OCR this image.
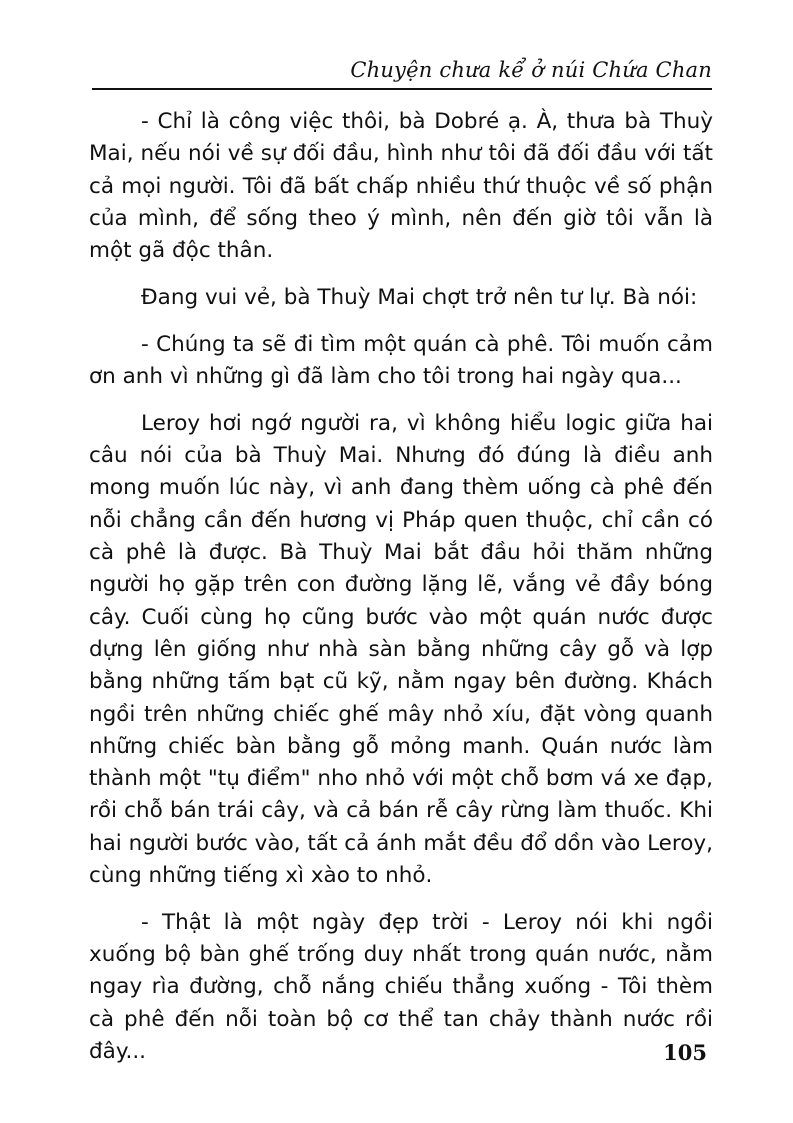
Chuyện chưa kể ở núi Chứa Chan

- Chỉ là công việc thôi, bà Dobré ạ. À, thưa bà Thuỳ Mai, nếu nói về sự đối đầu, hình như tôi đã đối đầu với tất cả mọi người. Tôi đã bất chấp nhiều thứ thuộc về số phận của mình, để sống theo ý mình, nên đến giờ tôi vẫn là một gã độc thân.

Đang vui vẻ, bà Thuỳ Mai chợt trở nên tư lự. Bà nói:

- Chúng ta sẽ đi tìm một quán cà phê. Tôi muốn cảm ơn anh vì những gì đã làm cho tôi trong hai ngày qua...

Leroy hơi ngớ người ra, vì không hiểu logic giữa hai câu nói của bà Thuỳ Mai. Nhưng đó đúng là điều anh mong muốn lúc này, vì anh đang thèm uống cà phê đến nỗi chẳng cần đến hương vị Pháp quen thuộc, chỉ cần có cà phê là được. Bà Thuỳ Mai bắt đầu hỏi thăm những người họ gặp trên con đường lặng lẽ, vắng vẻ đầy bóng cây. Cuối cùng họ cũng bước vào một quán nước được dựng lên giống như nhà sàn bằng những cây gỗ và lợp bằng những tấm bạt cũ kỹ, nằm ngay bên đường. Khách ngồi trên những chiếc ghế mây nhỏ xíu, đặt vòng quanh những chiếc bàn bằng gỗ mỏng manh. Quán nước làm thành một "tụ điểm" nho nhỏ với một chỗ bơm vá xe đạp, rồi chỗ bán trái cây, và cả bán rễ cây rừng làm thuốc. Khi hai người bước vào, tất cả ánh mắt đều đổ dồn vào Leroy, cùng những tiếng xì xào to nhỏ.

- Thật là một ngày đẹp trời - Leroy nói khi ngồi xuống bộ bàn ghế trống duy nhất trong quán nước, nằm ngay rìa đường, chỗ nắng chiếu thẳng xuống - Tôi thèm cà phê đến nỗi toàn bộ cơ thể tan chảy thành nước rồi đây...	105
